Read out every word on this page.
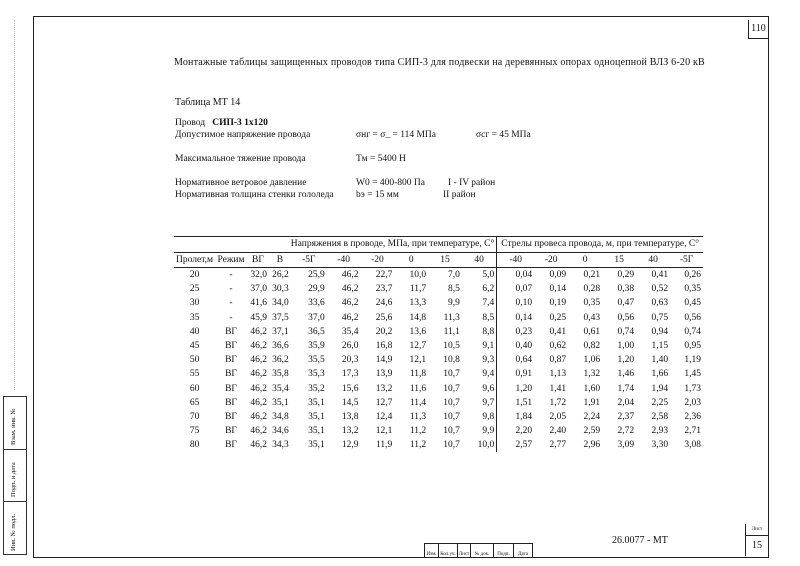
110
Монтажные таблицы защищенных проводов типа СИП-3 для подвески на деревянных опорах одноцепной ВЛЗ 6-20 кВ
Таблица МТ 14
Провод СИП-3 1х120
Допустимое напряжение провода	σнг = σ_ = 114 МПа	σсг = 45 МПа
Максимальное тяжение провода	Тм = 5400 Н
Нормативное ветровое давление	W0 = 400-800 Па I - IV район
Нормативная толщина стенки гололеда bэ = 15 мм	II район
				Напряжения в проводе, МПа, при температуре, С°						Стрелы провеса провода, м, при температуре, С°					
Пролет,м	Режим	ВГ	В	-5Г	-40	-20	0	15	40	-40	-20	0	15	40	-5Г
20	-	32,0	26,2	25,9	46,2	22,7	10,0	7,0	5,0	0,04	0,09	0,21	0,29	0,41	0,26
25	-	37,0	30,3	29,9	46,2	23,7	11,7	8,5	6,2	0,07	0,14	0,28	0,38	0,52	0,35
30	-	41,6	34,0	33,6	46,2	24,6	13,3	9,9	7,4	0,10	0,19	0,35	0,47	0,63	0,45
35	-	45,9	37,5	37,0	46,2	25,6	14,8	11,3	8,5	0,14	0,25	0,43	0,56	0,75	0,56
40	ВГ	46,2	37,1	36,5	35,4	20,2	13,6	11,1	8,8	0,23	0,41	0,61	0,74	0,94	0,74
45	ВГ	46,2	36,6	35,9	26,0	16,8	12,7	10,5	9,1	0,40	0,62	0,82	1,00	1,15	0,95
50	ВГ	46,2	36,2	35,5	20,3	14,9	12,1	10,8	9,3	0,64	0,87	1,06	1,20	1,40	1,19
55	ВГ	46,2	35,8	35,3	17,3	13,9	11,8	10,7	9,4	0,91	1,13	1,32	1,46	1,66	1,45
60	ВГ	46,2	35,4	35,2	15,6	13,2	11,6	10,7	9,6	1,20	1,41	1,60	1,74	1,94	1,73
65	ВГ	46,2	35,1	35,1	14,5	12,7	11,4	10,7	9,7	1,51	1,72	1,91	2,04	2,25	2,03
70	ВГ	46,2	34,8	35,1	13,8	12,4	11,3	10,7	9,8	1,84	2,05	2,24	2,37	2,58	2,36
75	ВГ	46,2	34,6	35,1	13,2	12,1	11,2	10,7	9,9	2,20	2,40	2,59	2,72	2,93	2,71
80	ВГ	46,2	34,3	35,1	12,9	11,9	11,2	10,7	10,0	2,57	2,77	2,96	3,09	3,30	3,08
Инв. № подл.
Подп. и дата
Взам. инв. №
Изм. Кол.уч. Лист	№ док.	Подп.	Дата
26.0077 - МТ
Лист
15
